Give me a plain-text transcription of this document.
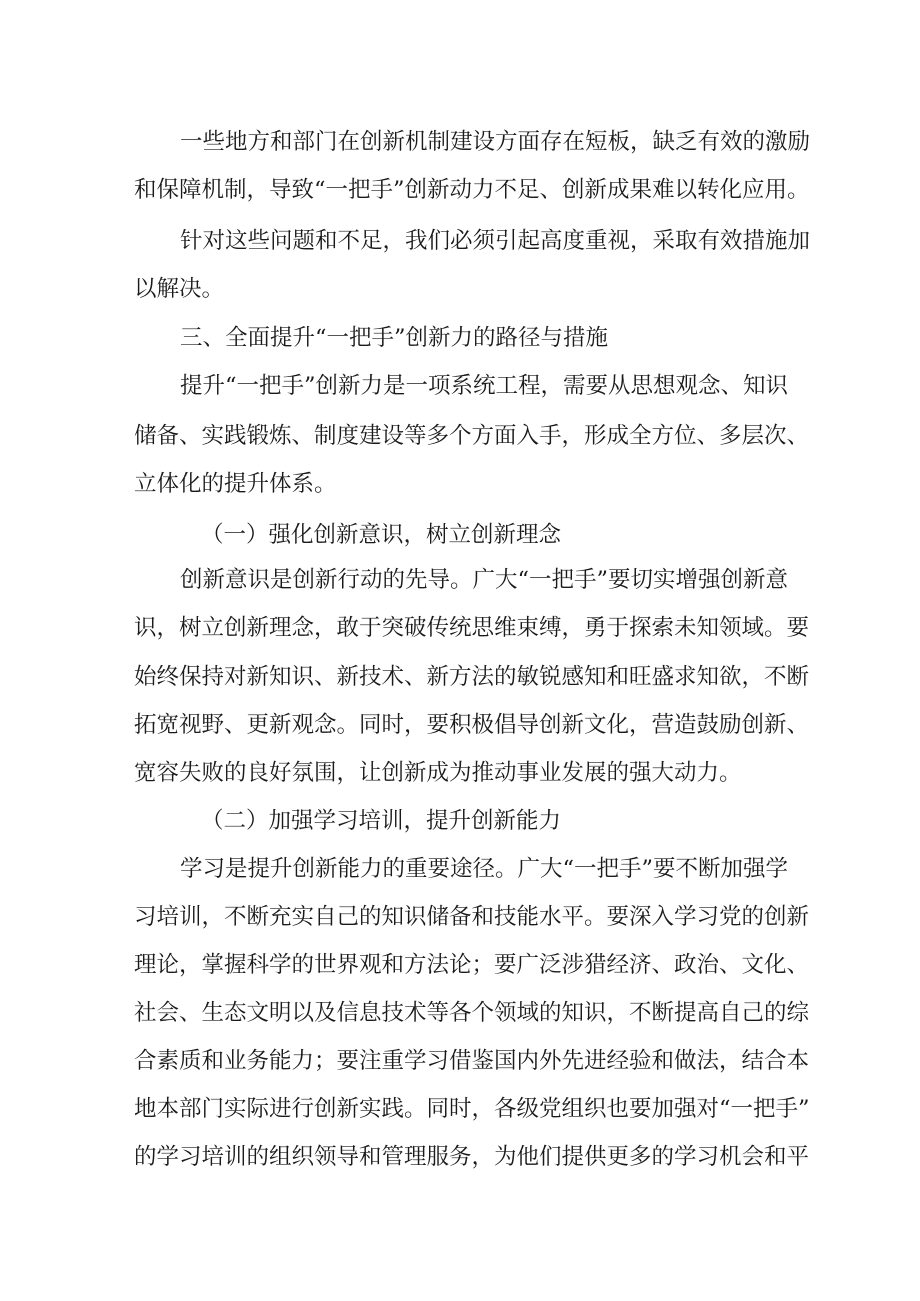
一些地方和部门在创新机制建设方面存在短板，缺乏有效的激励
和保障机制，导致“一把手”创新动力不足、创新成果难以转化应用。
针对这些问题和不足，我们必须引起高度重视，采取有效措施加
以解决。
三、全面提升“一把手”创新力的路径与措施
提升“一把手”创新力是一项系统工程，需要从思想观念、知识
储备、实践锻炼、制度建设等多个方面入手，形成全方位、多层次、
立体化的提升体系。
（一）强化创新意识，树立创新理念
创新意识是创新行动的先导。广大“一把手”要切实增强创新意
识，树立创新理念，敢于突破传统思维束缚，勇于探索未知领域。要
始终保持对新知识、新技术、新方法的敏锐感知和旺盛求知欲，不断
拓宽视野、更新观念。同时，要积极倡导创新文化，营造鼓励创新、
宽容失败的良好氛围，让创新成为推动事业发展的强大动力。
（二）加强学习培训，提升创新能力
学习是提升创新能力的重要途径。广大“一把手”要不断加强学
习培训，不断充实自己的知识储备和技能水平。要深入学习党的创新
理论，掌握科学的世界观和方法论；要广泛涉猎经济、政治、文化、
社会、生态文明以及信息技术等各个领域的知识，不断提高自己的综
合素质和业务能力；要注重学习借鉴国内外先进经验和做法，结合本
地本部门实际进行创新实践。同时，各级党组织也要加强对“一把手”
的学习培训的组织领导和管理服务，为他们提供更多的学习机会和平
